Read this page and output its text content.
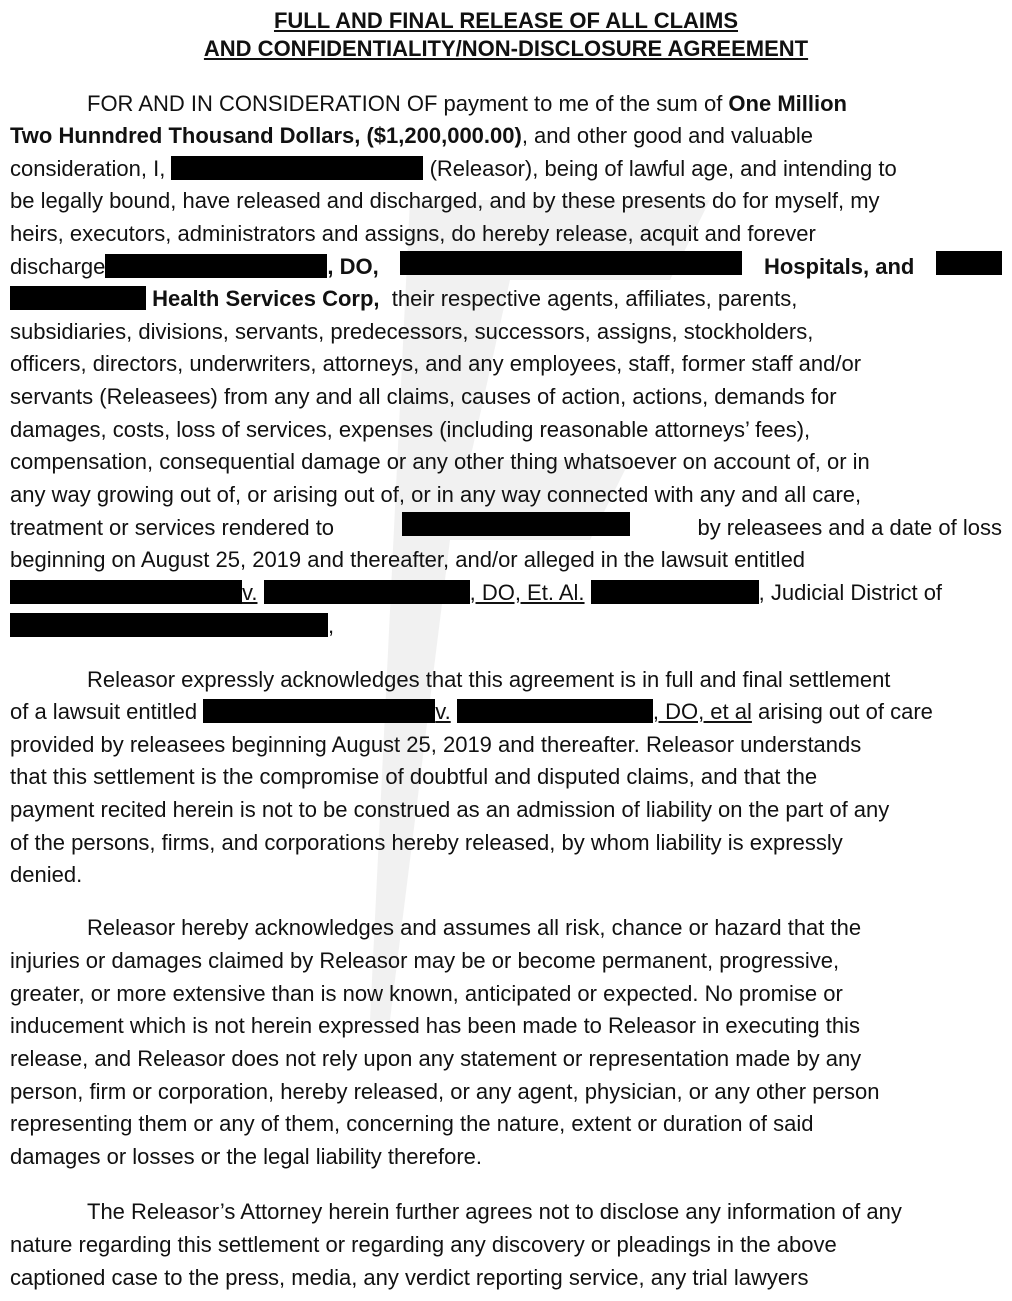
FULL AND FINAL RELEASE OF ALL CLAIMS
AND CONFIDENTIALITY/NON-DISCLOSURE AGREEMENT
FOR AND IN CONSIDERATION OF payment to me of the sum of One Million
Two Hunndred Thousand Dollars, ($1,200,000.00), and other good and valuable
consideration, I,	(Releasor), being of lawful age, and intending to
be legally bound, have released and discharged, and by these presents do for myself, my
heirs, executors, administrators and assigns, do hereby release, acquit and forever
discharge	, DO,	Hospitals, and
Health Services Corp, their respective agents, affiliates, parents,
subsidiaries, divisions, servants, predecessors, successors, assigns, stockholders,
officers, directors, underwriters, attorneys, and any employees, staff, former staff and/or
servants (Releasees) from any and all claims, causes of action, actions, demands for
damages, costs, loss of services, expenses (including reasonable attorneys’ fees),
compensation, consequential damage or any other thing whatsoever on account of, or in
any way growing out of, or arising out of, or in any way connected with any and all care,
treatment or services rendered to	by releasees and a date of loss
beginning on August 25, 2019 and thereafter, and/or alleged in the lawsuit entitled
v.	, DO, Et. Al.	, Judicial District of
,
Releasor expressly acknowledges that this agreement is in full and final settlement
of a lawsuit entitled	v.	, DO, et al arising out of care
provided by releasees beginning August 25, 2019 and thereafter. Releasor understands
that this settlement is the compromise of doubtful and disputed claims, and that the
payment recited herein is not to be construed as an admission of liability on the part of any
of the persons, firms, and corporations hereby released, by whom liability is expressly
denied.
Releasor hereby acknowledges and assumes all risk, chance or hazard that the
injuries or damages claimed by Releasor may be or become permanent, progressive,
greater, or more extensive than is now known, anticipated or expected. No promise or
inducement which is not herein expressed has been made to Releasor in executing this
release, and Releasor does not rely upon any statement or representation made by any
person, firm or corporation, hereby released, or any agent, physician, or any other person
representing them or any of them, concerning the nature, extent or duration of said
damages or losses or the legal liability therefore.
The Releasor’s Attorney herein further agrees not to disclose any information of any
nature regarding this settlement or regarding any discovery or pleadings in the above
captioned case to the press, media, any verdict reporting service, any trial lawyers
